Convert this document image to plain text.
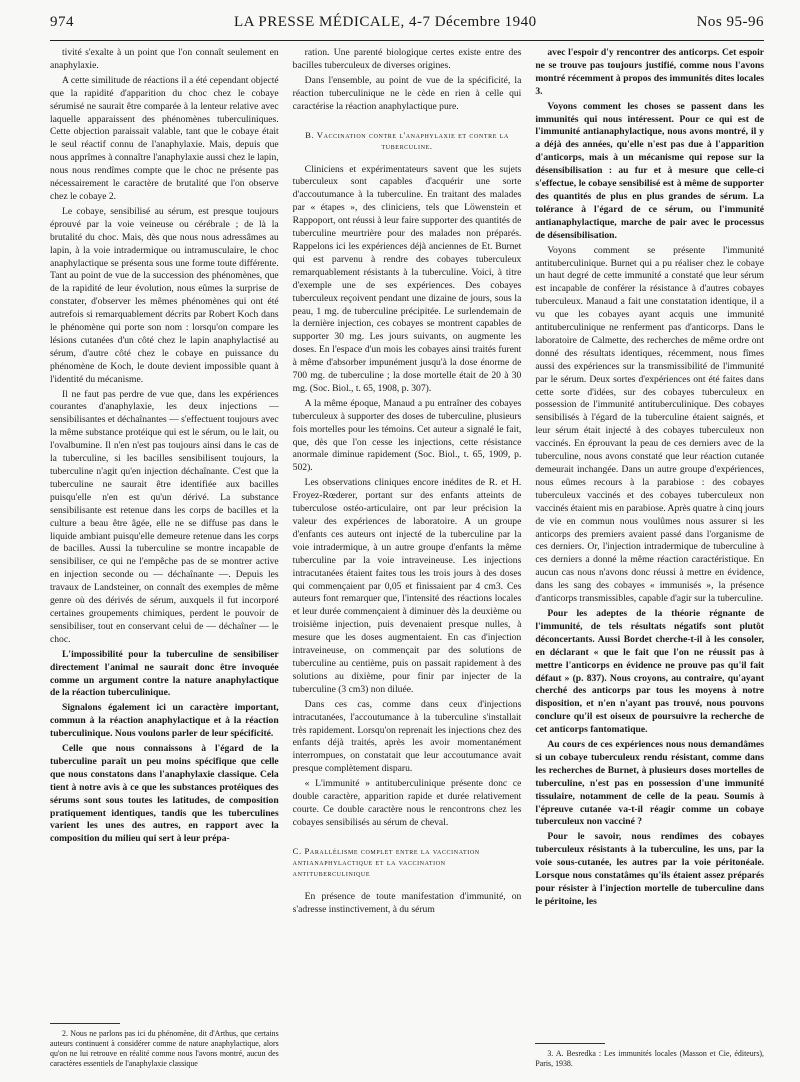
974	LA PRESSE MÉDICALE, 4-7 Décembre 1940	Nos 95-96

tivité s'exalte à un point que l'on connaît seulement en anaphylaxie.

A cette similitude de réactions il a été cependant objecté que la rapidité d'apparition du choc chez le cobaye sérumisé ne saurait être comparée à la lenteur relative avec laquelle apparaissent des phénomènes tuberculiniques. Cette objection paraissait valable, tant que le cobaye était le seul réactif connu de l'anaphylaxie. Mais, depuis que nous apprîmes à connaître l'anaphylaxie aussi chez le lapin, nous nous rendîmes compte que le choc ne présente pas nécessairement le caractère de brutalité que l'on observe chez le cobaye 2.

Le cobaye, sensibilisé au sérum, est presque toujours éprouvé par la voie veineuse ou cérébrale ; de là la brutalité du choc. Mais, dès que nous nous adressâmes au lapin, à la voie intradermique ou intramusculaire, le choc anaphylactique se présenta sous une forme toute différente. Tant au point de vue de la succession des phénomènes, que de la rapidité de leur évolution, nous eûmes la surprise de constater, d'observer les mêmes phénomènes qui ont été autrefois si remarquablement décrits par Robert Koch dans le phénomène qui porte son nom : lorsqu'on compare les lésions cutanées d'un côté chez le lapin anaphylactisé au sérum, d'autre côté chez le cobaye en puissance du phénomène de Koch, le doute devient impossible quant à l'identité du mécanisme.

Il ne faut pas perdre de vue que, dans les expériences courantes d'anaphylaxie, les deux injections — sensibilisantes et déchaînantes — s'effectuent toujours avec la même substance protéique qui est le sérum, ou le lait, ou l'ovalbumine. Il n'en n'est pas toujours ainsi dans le cas de la tuberculine, si les bacilles sensibilisent toujours, la tuberculine n'agit qu'en injection déchaînante. C'est que la tuberculine ne saurait être identifiée aux bacilles puisqu'elle n'en est qu'un dérivé. La substance sensibilisante est retenue dans les corps de bacilles et la culture a beau être âgée, elle ne se diffuse pas dans le liquide ambiant puisqu'elle demeure retenue dans les corps de bacilles. Aussi la tuberculine se montre incapable de sensibiliser, ce qui ne l'empêche pas de se montrer active en injection seconde ou — déchaînante —. Depuis les travaux de Landsteiner, on connaît des exemples de même genre où des dérivés de sérum, auxquels il fut incorporé certaines groupements chimiques, perdent le pouvoir de sensibiliser, tout en conservant celui de — déchaîner — le choc.

L'impossibilité pour la tuberculine de sensibiliser directement l'animal ne saurait donc être invoquée comme un argument contre la nature anaphylactique de la réaction tuberculinique.

Signalons également ici un caractère important, commun à la réaction anaphylactique et à la réaction tuberculinique. Nous voulons parler de leur spécificité.

Celle que nous connaissons à l'égard de la tuberculine paraît un peu moins spécifique que celle que nous constatons dans l'anaphylaxie classique. Cela tient à notre avis à ce que les substances protéiques des sérums sont sous toutes les latitudes, de composition pratiquement identiques, tandis que les tuberculines varient les unes des autres, en rapport avec la composition du milieu qui sert à leur prépa-

2. Nous ne parlons pas ici du phénomène, dit d'Arthus, que certains auteurs continuent à considérer comme de nature anaphylactique, alors qu'on ne lui retrouve en réalité comme nous l'avons montré, aucun des caractères essentiels de l'anaphylaxie classique

ration. Une parenté biologique certes existe entre des bacilles tuberculeux de diverses origines.

Dans l'ensemble, au point de vue de la spécificité, la réaction tuberculinique ne le cède en rien à celle qui caractérise la réaction anaphylactique pure.

B. Vaccination contre l'anaphylaxie et contre la tuberculine.

Cliniciens et expérimentateurs savent que les sujets tuberculeux sont capables d'acquérir une sorte d'accoutumance à la tuberculine. En traitant des malades par « étapes », des cliniciens, tels que Löwenstein et Rappoport, ont réussi à leur faire supporter des quantités de tuberculine meurtrière pour des malades non préparés. Rappelons ici les expériences déjà anciennes de Et. Burnet qui est parvenu à rendre des cobayes tuberculeux remarquablement résistants à la tuberculine. Voici, à titre d'exemple une de ses expériences. Des cobayes tuberculeux reçoivent pendant une dizaine de jours, sous la peau, 1 mg. de tuberculine précipitée. Le surlendemain de la dernière injection, ces cobayes se montrent capables de supporter 30 mg. Les jours suivants, on augmente les doses. En l'espace d'un mois les cobayes ainsi traités furent à même d'absorber impunément jusqu'à la dose énorme de 700 mg. de tuberculine ; la dose mortelle était de 20 à 30 mg. (Soc. Biol., t. 65, 1908, p. 307).

A la même époque, Manaud a pu entraîner des cobayes tuberculeux à supporter des doses de tuberculine, plusieurs fois mortelles pour les témoins. Cet auteur a signalé le fait, que, dès que l'on cesse les injections, cette résistance anormale diminue rapidement (Soc. Biol., t. 65, 1909, p. 502).

Les observations cliniques encore inédites de R. et H. Froyez-Rœderer, portant sur des enfants atteints de tuberculose ostéo-articulaire, ont par leur précision la valeur des expériences de laboratoire. A un groupe d'enfants ces auteurs ont injecté de la tuberculine par la voie intradermique, à un autre groupe d'enfants la même tuberculine par la voie intraveineuse. Les injections intracutanées étaient faites tous les trois jours à des doses qui commençaient par 0,05 et finissaient par 4 cm3. Ces auteurs font remarquer que, l'intensité des réactions locales et leur durée commençaient à diminuer dès la deuxième ou troisième injection, puis devenaient presque nulles, à mesure que les doses augmentaient. En cas d'injection intraveineuse, on commençait par des solutions de tuberculine au centième, puis on passait rapidement à des solutions au dixième, pour finir par injecter de la tuberculine (3 cm3) non diluée.

Dans ces cas, comme dans ceux d'injections intracutanées, l'accoutumance à la tuberculine s'installait très rapidement. Lorsqu'on reprenait les injections chez des enfants déjà traités, après les avoir momentanément interrompues, on constatait que leur accoutumance avait presque complètement disparu.

« L'immunité » antituberculinique présente donc ce double caractère, apparition rapide et durée relativement courte. Ce double caractère nous le rencontrons chez les cobayes sensibilisés au sérum de cheval.

C. Parallélisme complet entre la vaccination antianaphylactique et la vaccination antituberculinique

En présence de toute manifestation d'immunité, on s'adresse instinctivement, à du sérum

avec l'espoir d'y rencontrer des anticorps. Cet espoir ne se trouve pas toujours justifié, comme nous l'avons montré récemment à propos des immunités dites locales 3.

Voyons comment les choses se passent dans les immunités qui nous intéressent. Pour ce qui est de l'immunité antianaphylactique, nous avons montré, il y a déjà des années, qu'elle n'est pas due à l'apparition d'anticorps, mais à un mécanisme qui repose sur la désensibilisation : au fur et à mesure que celle-ci s'effectue, le cobaye sensibilisé est à même de supporter des quantités de plus en plus grandes de sérum. La tolérance à l'égard de ce sérum, ou l'immunité antianaphylactique, marche de pair avec le processus de désensibilisation.

Voyons comment se présente l'immunité antituberculinique. Burnet qui a pu réaliser chez le cobaye un haut degré de cette immunité a constaté que leur sérum est incapable de conférer la résistance à d'autres cobayes tuberculeux. Manaud a fait une constatation identique, il a vu que les cobayes ayant acquis une immunité antituberculinique ne renferment pas d'anticorps. Dans le laboratoire de Calmette, des recherches de même ordre ont donné des résultats identiques, récemment, nous fîmes aussi des expériences sur la transmissibilité de l'immunité par le sérum. Deux sortes d'expériences ont été faites dans cette sorte d'idées, sur des cobayes tuberculeux en possession de l'immunité antituberculinique. Des cobayes sensibilisés à l'égard de la tuberculine étaient saignés, et leur sérum était injecté à des cobayes tuberculeux non vaccinés. En éprouvant la peau de ces derniers avec de la tuberculine, nous avons constaté que leur réaction cutanée demeurait inchangée. Dans un autre groupe d'expériences, nous eûmes recours à la parabiose : des cobayes tuberculeux vaccinés et des cobayes tuberculeux non vaccinés étaient mis en parabiose. Après quatre à cinq jours de vie en commun nous voulûmes nous assurer si les anticorps des premiers avaient passé dans l'organisme de ces derniers. Or, l'injection intradermique de tuberculine à ces derniers a donné la même réaction caractéristique. En aucun cas nous n'avons donc réussi à mettre en évidence, dans les sang des cobayes « immunisés », la présence d'anticorps transmissibles, capable d'agir sur la tuberculine.

Pour les adeptes de la théorie régnante de l'immunité, de tels résultats négatifs sont plutôt déconcertants. Aussi Bordet cherche-t-il à les consoler, en déclarant « que le fait que l'on ne réussit pas à mettre l'anticorps en évidence ne prouve pas qu'il fait défaut » (p. 837). Nous croyons, au contraire, qu'ayant cherché des anticorps par tous les moyens à notre disposition, et n'en n'ayant pas trouvé, nous pouvons conclure qu'il est oiseux de poursuivre la recherche de cet anticorps fantomatique.

Au cours de ces expériences nous nous demandâmes si un cobaye tuberculeux rendu résistant, comme dans les recherches de Burnet, à plusieurs doses mortelles de tuberculine, n'est pas en possession d'une immunité tissulaire, notamment de celle de la peau. Soumis à l'épreuve cutanée va-t-il réagir comme un cobaye tuberculeux non vacciné ?

Pour le savoir, nous rendîmes des cobayes tuberculeux résistants à la tuberculine, les uns, par la voie sous-cutanée, les autres par la voie péritonéale. Lorsque nous constatâmes qu'ils étaient assez préparés pour résister à l'injection mortelle de tuberculine dans le péritoine, les

3. A. Besredka : Les immunités locales (Masson et Cie, éditeurs), Paris, 1938.
